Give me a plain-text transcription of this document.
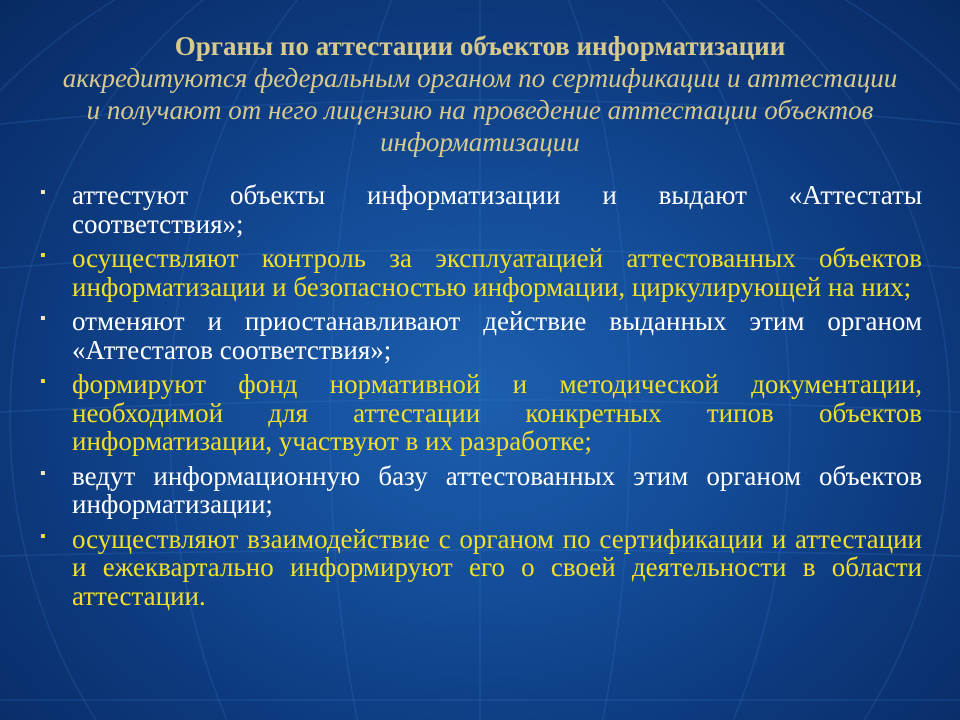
Органы по аттестации объектов информатизации
аккредитуются федеральным органом по сертификации и аттестации и получают от него лицензию на проведение аттестации объектов информатизации
▪ аттестуют объекты информатизации и выдают «Аттестаты соответствия»;
▪ осуществляют контроль за эксплуатацией аттестованных объектов информатизации и безопасностью информации, циркулирующей на них;
▪ отменяют и приостанавливают действие выданных этим органом «Аттестатов соответствия»;
▪ формируют фонд нормативной и методической документации, необходимой для аттестации конкретных типов объектов информатизации, участвуют в их разработке;
▪ ведут информационную базу аттестованных этим органом объектов информатизации;
▪ осуществляют взаимодействие с органом по сертификации и аттестации и ежеквартально информируют его о своей деятельности в области аттестации.
